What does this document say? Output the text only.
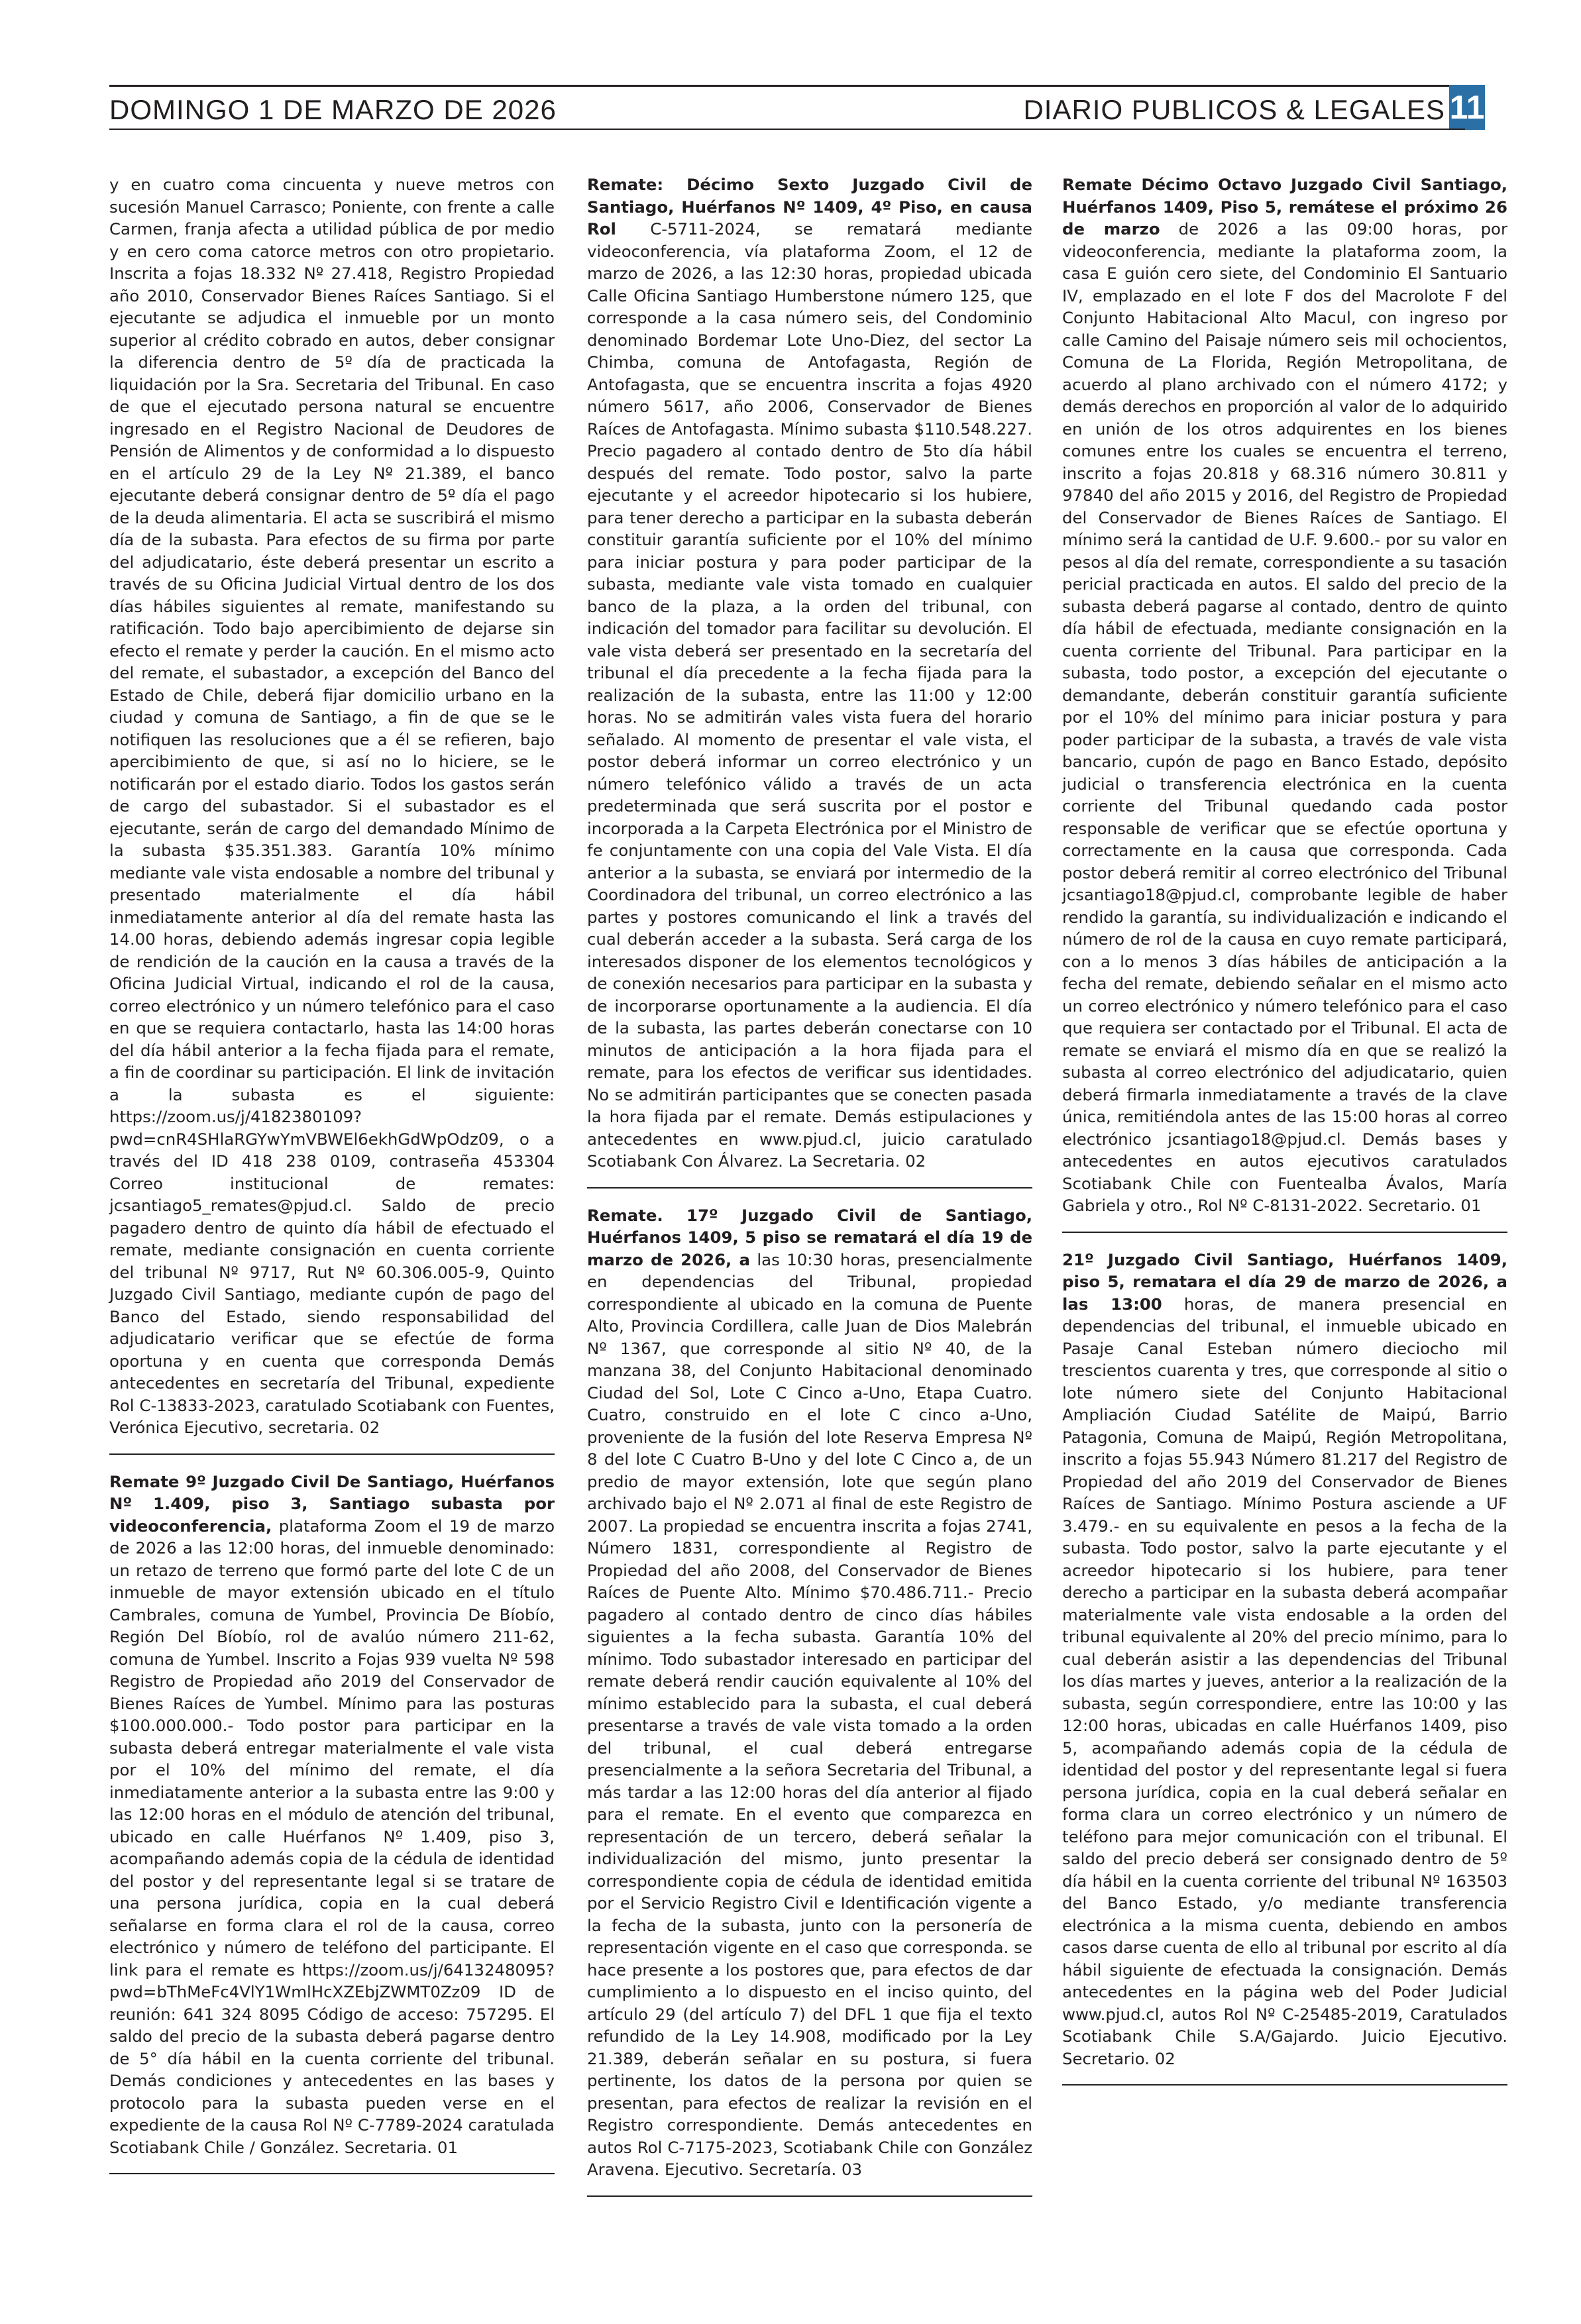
DOMINGO 1 DE MARZO DE 2026	DIARIO PUBLICOS & LEGALES 11

y en cuatro coma cincuenta y nueve metros con sucesión Manuel Carrasco; Poniente, con frente a calle Carmen, franja afecta a utilidad pública de por medio y en cero coma catorce metros con otro propietario. Inscrita a fojas 18.332 Nº 27.418, Registro Propiedad año 2010, Conservador Bienes Raíces Santiago. Si el ejecutante se adjudica el inmueble por un monto superior al crédito cobrado en autos, deber consignar la diferencia dentro de 5º día de practicada la liquidación por la Sra. Secretaria del Tribunal. En caso de que el ejecutado persona natural se encuentre ingresado en el Registro Nacional de Deudores de Pensión de Alimentos y de conformidad a lo dispuesto en el artículo 29 de la Ley Nº 21.389, el banco ejecutante deberá consignar dentro de 5º día el pago de la deuda alimentaria. El acta se suscribirá el mismo día de la subasta. Para efectos de su firma por parte del adjudicatario, éste deberá presentar un escrito a través de su Oficina Judicial Virtual dentro de los dos días hábiles siguientes al remate, manifestando su ratificación. Todo bajo apercibimiento de dejarse sin efecto el remate y perder la caución. En el mismo acto del remate, el subastador, a excepción del Banco del Estado de Chile, deberá fijar domicilio urbano en la ciudad y comuna de Santiago, a fin de que se le notifiquen las resoluciones que a él se refieren, bajo apercibimiento de que, si así no lo hiciere, se le notificarán por el estado diario. Todos los gastos serán de cargo del subastador. Si el subastador es el ejecutante, serán de cargo del demandado Mínimo de la subasta $35.351.383. Garantía 10% mínimo mediante vale vista endosable a nombre del tribunal y presentado materialmente el día hábil inmediatamente anterior al día del remate hasta las 14.00 horas, debiendo además ingresar copia legible de rendición de la caución en la causa a través de la Oficina Judicial Virtual, indicando el rol de la causa, correo electrónico y un número telefónico para el caso en que se requiera contactarlo, hasta las 14:00 horas del día hábil anterior a la fecha fijada para el remate, a fin de coordinar su participación. El link de invitación a la subasta es el siguiente: https://zoom.us/j/4182380109?pwd=cnR4SHlaRGYwYmVBWEl6ekhGdWpOdz09, o a través del ID 418 238 0109, contraseña 453304 Correo institucional de remates: jcsantiago5_remates@pjud.cl. Saldo de precio pagadero dentro de quinto día hábil de efectuado el remate, mediante consignación en cuenta corriente del tribunal Nº 9717, Rut Nº 60.306.005-9, Quinto Juzgado Civil Santiago, mediante cupón de pago del Banco del Estado, siendo responsabilidad del adjudicatario verificar que se efectúe de forma oportuna y en cuenta que corresponda Demás antecedentes en secretaría del Tribunal, expediente Rol C-13833-2023, caratulado Scotiabank con Fuentes, Verónica Ejecutivo, secretaria. 02

Remate 9º Juzgado Civil De Santiago, Huérfanos Nº 1.409, piso 3, Santiago subasta por videoconferencia, plataforma Zoom el 19 de marzo de 2026 a las 12:00 horas, del inmueble denominado: un retazo de terreno que formó parte del lote C de un inmueble de mayor extensión ubicado en el título Cambrales, comuna de Yumbel, Provincia De Bíobío, Región Del Bíobío, rol de avalúo número 211-62, comuna de Yumbel. Inscrito a Fojas 939 vuelta Nº 598 Registro de Propiedad año 2019 del Conservador de Bienes Raíces de Yumbel. Mínimo para las posturas $100.000.000.- Todo postor para participar en la subasta deberá entregar materialmente el vale vista por el 10% del mínimo del remate, el día inmediatamente anterior a la subasta entre las 9:00 y las 12:00 horas en el módulo de atención del tribunal, ubicado en calle Huérfanos Nº 1.409, piso 3, acompañando además copia de la cédula de identidad del postor y del representante legal si se tratare de una persona jurídica, copia en la cual deberá señalarse en forma clara el rol de la causa, correo electrónico y número de teléfono del participante. El link para el remate es https://zoom.us/j/6413248095?pwd=bThMeFc4VlY1WmlHcXZEbjZWMT0Zz09 ID de reunión: 641 324 8095 Código de acceso: 757295. El saldo del precio de la subasta deberá pagarse dentro de 5° día hábil en la cuenta corriente del tribunal. Demás condiciones y antecedentes en las bases y protocolo para la subasta pueden verse en el expediente de la causa Rol Nº C-7789-2024 caratulada Scotiabank Chile / González. Secretaria. 01

Remate: Décimo Sexto Juzgado Civil de Santiago, Huérfanos Nº 1409, 4º Piso, en causa Rol C-5711-2024, se rematará mediante videoconferencia, vía plataforma Zoom, el 12 de marzo de 2026, a las 12:30 horas, propiedad ubicada Calle Oficina Santiago Humberstone número 125, que corresponde a la casa número seis, del Condominio denominado Bordemar Lote Uno-Diez, del sector La Chimba, comuna de Antofagasta, Región de Antofagasta, que se encuentra inscrita a fojas 4920 número 5617, año 2006, Conservador de Bienes Raíces de Antofagasta. Mínimo subasta $110.548.227. Precio pagadero al contado dentro de 5to día hábil después del remate. Todo postor, salvo la parte ejecutante y el acreedor hipotecario si los hubiere, para tener derecho a participar en la subasta deberán constituir garantía suficiente por el 10% del mínimo para iniciar postura y para poder participar de la subasta, mediante vale vista tomado en cualquier banco de la plaza, a la orden del tribunal, con indicación del tomador para facilitar su devolución. El vale vista deberá ser presentado en la secretaría del tribunal el día precedente a la fecha fijada para la realización de la subasta, entre las 11:00 y 12:00 horas. No se admitirán vales vista fuera del horario señalado. Al momento de presentar el vale vista, el postor deberá informar un correo electrónico y un número telefónico válido a través de un acta predeterminada que será suscrita por el postor e incorporada a la Carpeta Electrónica por el Ministro de fe conjuntamente con una copia del Vale Vista. El día anterior a la subasta, se enviará por intermedio de la Coordinadora del tribunal, un correo electrónico a las partes y postores comunicando el link a través del cual deberán acceder a la subasta. Será carga de los interesados disponer de los elementos tecnológicos y de conexión necesarios para participar en la subasta y de incorporarse oportunamente a la audiencia. El día de la subasta, las partes deberán conectarse con 10 minutos de anticipación a la hora fijada para el remate, para los efectos de verificar sus identidades. No se admitirán participantes que se conecten pasada la hora fijada par el remate. Demás estipulaciones y antecedentes en www.pjud.cl, juicio caratulado Scotiabank Con Álvarez. La Secretaria. 02

Remate. 17º Juzgado Civil de Santiago, Huérfanos 1409, 5 piso se rematará el día 19 de marzo de 2026, a las 10:30 horas, presencialmente en dependencias del Tribunal, propiedad correspondiente al ubicado en la comuna de Puente Alto, Provincia Cordillera, calle Juan de Dios Malebrán Nº 1367, que corresponde al sitio Nº 40, de la manzana 38, del Conjunto Habitacional denominado Ciudad del Sol, Lote C Cinco a-Uno, Etapa Cuatro. Cuatro, construido en el lote C cinco a-Uno, proveniente de la fusión del lote Reserva Empresa Nº 8 del lote C Cuatro B-Uno y del lote C Cinco a, de un predio de mayor extensión, lote que según plano archivado bajo el Nº 2.071 al final de este Registro de 2007. La propiedad se encuentra inscrita a fojas 2741, Número 1831, correspondiente al Registro de Propiedad del año 2008, del Conservador de Bienes Raíces de Puente Alto. Mínimo $70.486.711.- Precio pagadero al contado dentro de cinco días hábiles siguientes a la fecha subasta. Garantía 10% del mínimo. Todo subastador interesado en participar del remate deberá rendir caución equivalente al 10% del mínimo establecido para la subasta, el cual deberá presentarse a través de vale vista tomado a la orden del tribunal, el cual deberá entregarse presencialmente a la señora Secretaria del Tribunal, a más tardar a las 12:00 horas del día anterior al fijado para el remate. En el evento que comparezca en representación de un tercero, deberá señalar la individualización del mismo, junto presentar la correspondiente copia de cédula de identidad emitida por el Servicio Registro Civil e Identificación vigente a la fecha de la subasta, junto con la personería de representación vigente en el caso que corresponda. se hace presente a los postores que, para efectos de dar cumplimiento a lo dispuesto en el inciso quinto, del artículo 29 (del artículo 7) del DFL 1 que fija el texto refundido de la Ley 14.908, modificado por la Ley 21.389, deberán señalar en su postura, si fuera pertinente, los datos de la persona por quien se presentan, para efectos de realizar la revisión en el Registro correspondiente. Demás antecedentes en autos Rol C-7175-2023, Scotiabank Chile con González Aravena. Ejecutivo. Secretaría. 03

Remate Décimo Octavo Juzgado Civil Santiago, Huérfanos 1409, Piso 5, remátese el próximo 26 de marzo de 2026 a las 09:00 horas, por videoconferencia, mediante la plataforma zoom, la casa E guión cero siete, del Condominio El Santuario IV, emplazado en el lote F dos del Macrolote F del Conjunto Habitacional Alto Macul, con ingreso por calle Camino del Paisaje número seis mil ochocientos, Comuna de La Florida, Región Metropolitana, de acuerdo al plano archivado con el número 4172; y demás derechos en proporción al valor de lo adquirido en unión de los otros adquirentes en los bienes comunes entre los cuales se encuentra el terreno, inscrito a fojas 20.818 y 68.316 número 30.811 y 97840 del año 2015 y 2016, del Registro de Propiedad del Conservador de Bienes Raíces de Santiago. El mínimo será la cantidad de U.F. 9.600.- por su valor en pesos al día del remate, correspondiente a su tasación pericial practicada en autos. El saldo del precio de la subasta deberá pagarse al contado, dentro de quinto día hábil de efectuada, mediante consignación en la cuenta corriente del Tribunal. Para participar en la subasta, todo postor, a excepción del ejecutante o demandante, deberán constituir garantía suficiente por el 10% del mínimo para iniciar postura y para poder participar de la subasta, a través de vale vista bancario, cupón de pago en Banco Estado, depósito judicial o transferencia electrónica en la cuenta corriente del Tribunal quedando cada postor responsable de verificar que se efectúe oportuna y correctamente en la causa que corresponda. Cada postor deberá remitir al correo electrónico del Tribunal jcsantiago18@pjud.cl, comprobante legible de haber rendido la garantía, su individualización e indicando el número de rol de la causa en cuyo remate participará, con a lo menos 3 días hábiles de anticipación a la fecha del remate, debiendo señalar en el mismo acto un correo electrónico y número telefónico para el caso que requiera ser contactado por el Tribunal. El acta de remate se enviará el mismo día en que se realizó la subasta al correo electrónico del adjudicatario, quien deberá firmarla inmediatamente a través de la clave única, remitiéndola antes de las 15:00 horas al correo electrónico jcsantiago18@pjud.cl. Demás bases y antecedentes en autos ejecutivos caratulados Scotiabank Chile con Fuentealba Ávalos, María Gabriela y otro., Rol Nº C-8131-2022. Secretario. 01

21º Juzgado Civil Santiago, Huérfanos 1409, piso 5, rematara el día 29 de marzo de 2026, a las 13:00 horas, de manera presencial en dependencias del tribunal, el inmueble ubicado en Pasaje Canal Esteban número dieciocho mil trescientos cuarenta y tres, que corresponde al sitio o lote número siete del Conjunto Habitacional Ampliación Ciudad Satélite de Maipú, Barrio Patagonia, Comuna de Maipú, Región Metropolitana, inscrito a fojas 55.943 Número 81.217 del Registro de Propiedad del año 2019 del Conservador de Bienes Raíces de Santiago. Mínimo Postura asciende a UF 3.479.- en su equivalente en pesos a la fecha de la subasta. Todo postor, salvo la parte ejecutante y el acreedor hipotecario si los hubiere, para tener derecho a participar en la subasta deberá acompañar materialmente vale vista endosable a la orden del tribunal equivalente al 20% del precio mínimo, para lo cual deberán asistir a las dependencias del Tribunal los días martes y jueves, anterior a la realización de la subasta, según correspondiere, entre las 10:00 y las 12:00 horas, ubicadas en calle Huérfanos 1409, piso 5, acompañando además copia de la cédula de identidad del postor y del representante legal si fuera persona jurídica, copia en la cual deberá señalar en forma clara un correo electrónico y un número de teléfono para mejor comunicación con el tribunal. El saldo del precio deberá ser consignado dentro de 5º día hábil en la cuenta corriente del tribunal Nº 163503 del Banco Estado, y/o mediante transferencia electrónica a la misma cuenta, debiendo en ambos casos darse cuenta de ello al tribunal por escrito al día hábil siguiente de efectuada la consignación. Demás antecedentes en la página web del Poder Judicial www.pjud.cl, autos Rol Nº C-25485-2019, Caratulados Scotiabank Chile S.A/Gajardo. Juicio Ejecutivo. Secretario. 02
